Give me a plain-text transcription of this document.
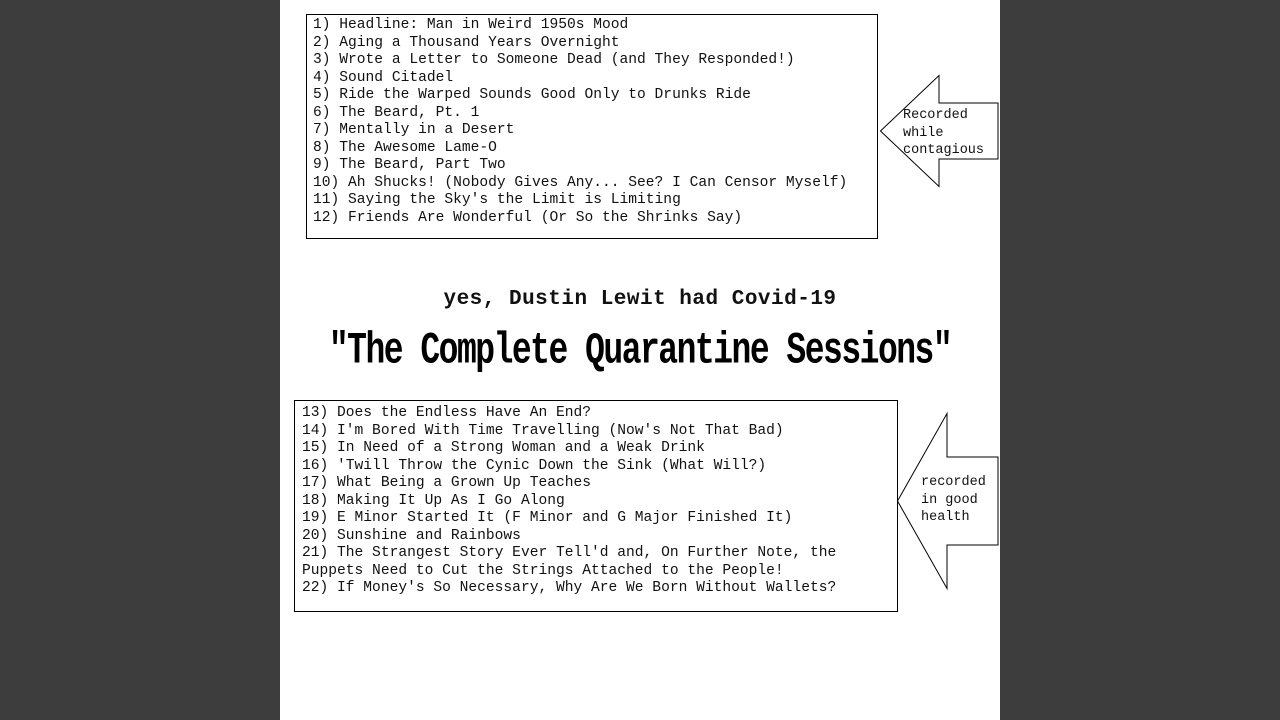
1) Headline: Man in Weird 1950s Mood
2) Aging a Thousand Years Overnight
3) Wrote a Letter to Someone Dead (and They Responded!)
4) Sound Citadel
5) Ride the Warped Sounds Good Only to Drunks Ride
6) The Beard, Pt. 1
7) Mentally in a Desert
8) The Awesome Lame-O
9) The Beard, Part Two
10) Ah Shucks! (Nobody Gives Any... See? I Can Censor Myself)
11) Saying the Sky's the Limit is Limiting
12) Friends Are Wonderful (Or So the Shrinks Say)

Recorded
while
contagious

yes, Dustin Lewit had Covid-19
"The Complete Quarantine Sessions"
13) Does the Endless Have An End?
14) I'm Bored With Time Travelling (Now's Not That Bad)
15) In Need of a Strong Woman and a Weak Drink
16) 'Twill Throw the Cynic Down the Sink (What Will?)
17) What Being a Grown Up Teaches
18) Making It Up As I Go Along
19) E Minor Started It (F Minor and G Major Finished It)
20) Sunshine and Rainbows
21) The Strangest Story Ever Tell'd and, On Further Note, the Puppets Need to Cut the Strings Attached to the People!
22) If Money's So Necessary, Why Are We Born Without Wallets?

recorded
in good
health
